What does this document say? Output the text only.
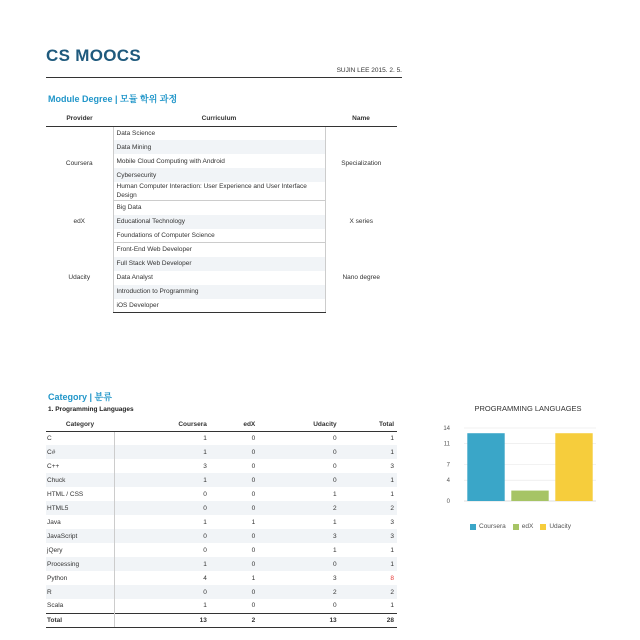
CS MOOCS
SUJIN LEE 2015. 2. 5.
Module Degree | 모듈 학위 과정
Provider	Curriculum	Name
Coursera	Data Science	Specialization
	Data Mining	
	Mobile Cloud Computing with Android	
	Cybersecurity	
	Human Computer Interaction: User Experience and User Interface Design	
edX	Big Data	X series
	Educational Technology	
	Foundations of Computer Science	
Udacity	Front-End Web Developer	Nano degree
	Full Stack Web Developer	
	Data Analyst	
	Introduction to Programming	
	iOS Developer	
Category | 분류
1. Programming Languages
Category	Coursera	edX	Udacity	Total
C	1	0	0	1
C#	1	0	0	1
C++	3	0	0	3
Chuck	1	0	0	1
HTML / CSS	0	0	1	1
HTML5	0	0	2	2
Java	1	1	1	3
JavaScript	0	0	3	3
jQery	0	0	1	1
Processing	1	0	0	1
Python	4	1	3	8
R	0	0	2	2
Scala	1	0	0	1
Total	13	2	13	28
PROGRAMMING LANGUAGES
0
4
7
11
14
Coursera edX Udacity
